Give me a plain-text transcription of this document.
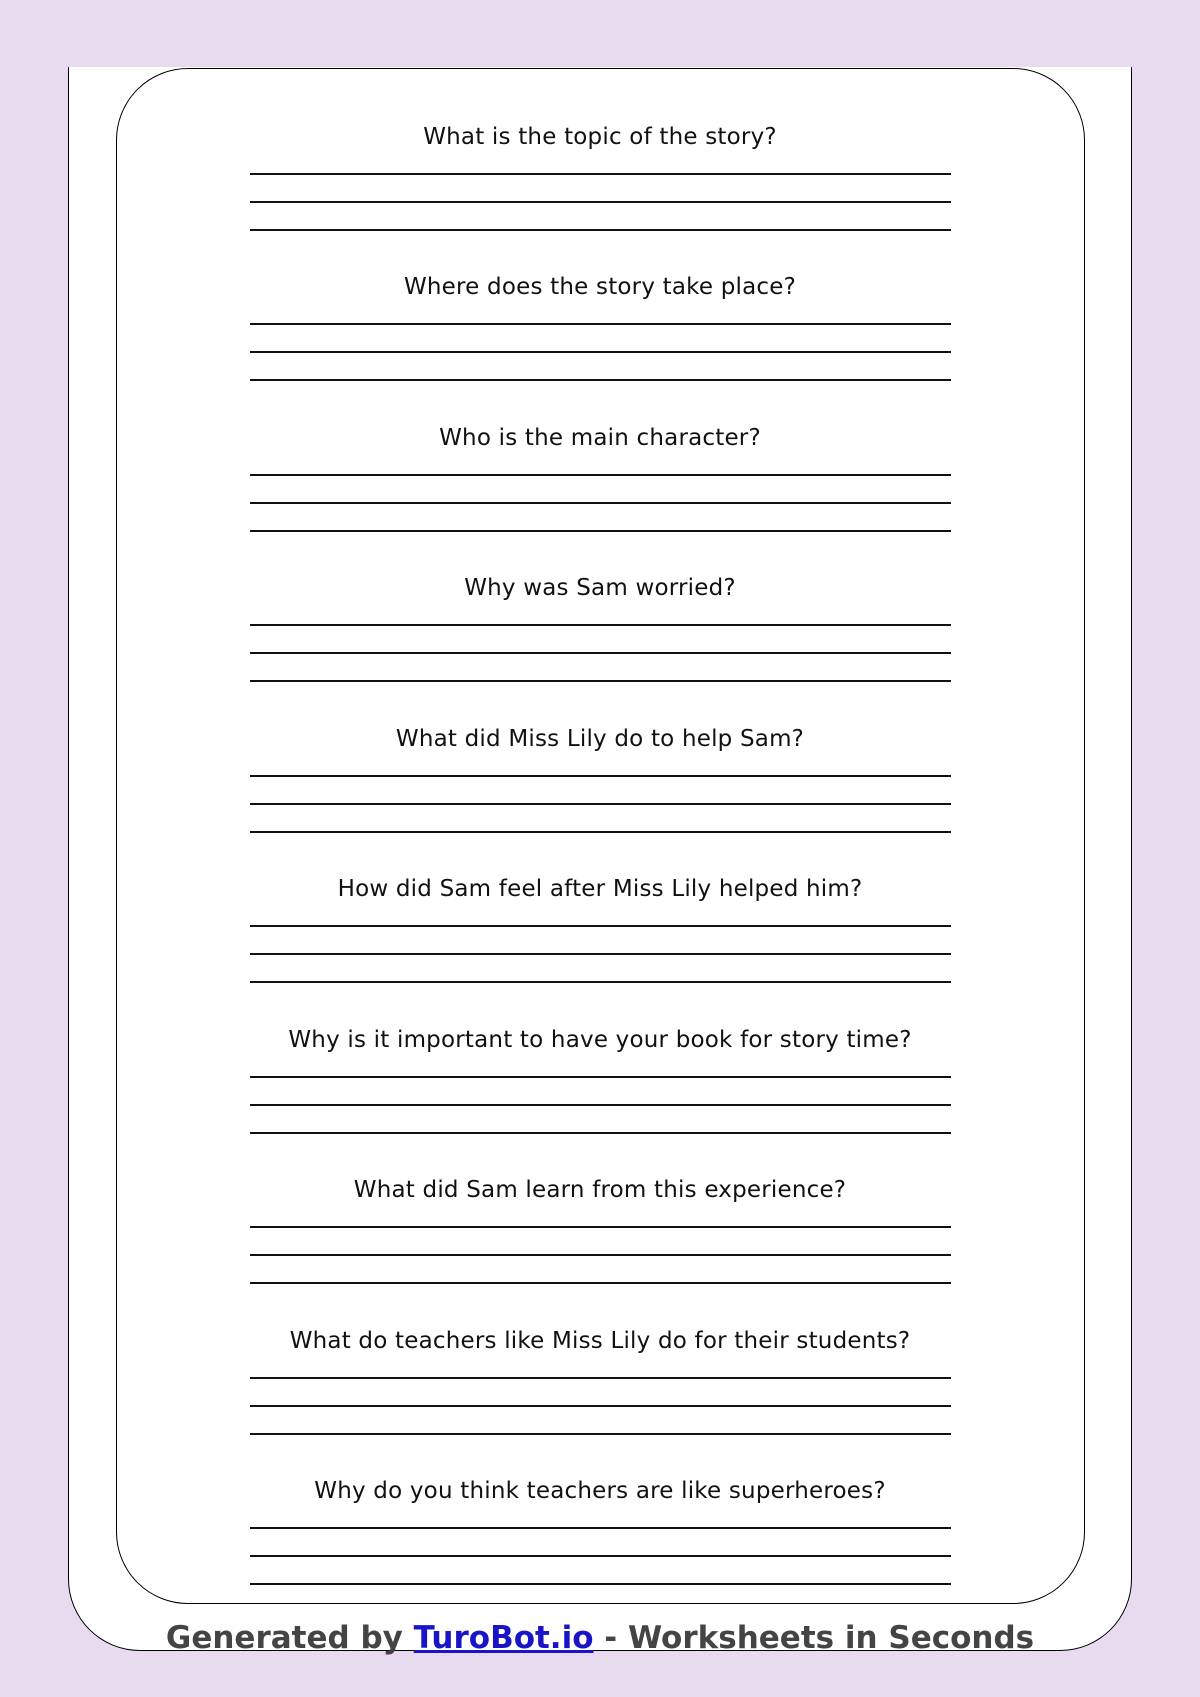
What is the topic of the story?
Where does the story take place?
Who is the main character?
Why was Sam worried?
What did Miss Lily do to help Sam?
How did Sam feel after Miss Lily helped him?
Why is it important to have your book for story time?
What did Sam learn from this experience?
What do teachers like Miss Lily do for their students?
Why do you think teachers are like superheroes?
Generated by TuroBot.io - Worksheets in Seconds
